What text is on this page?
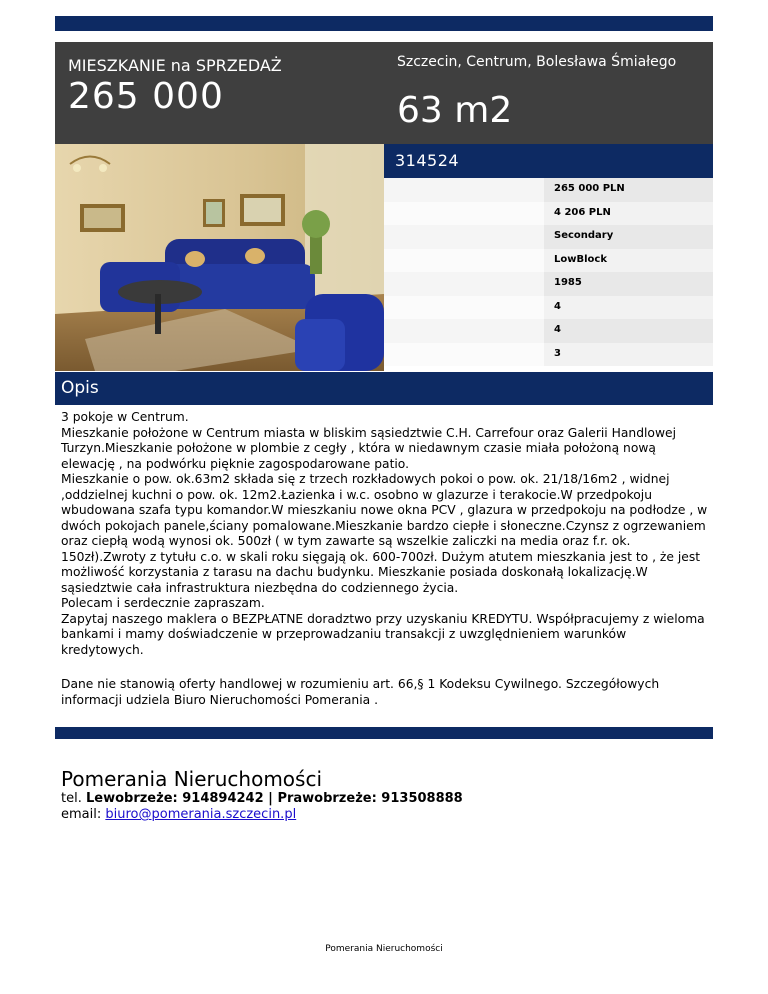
MIESZKANIE na SPRZEDAŻ
265 000
Szczecin, Centrum, Bolesława Śmiałego
63 m2
314524
265 000 PLN
4 206 PLN
Secondary
LowBlock
1985
4
4
3
Opis
3 pokoje w Centrum.
Mieszkanie położone w Centrum miasta w bliskim sąsiedztwie C.H. Carrefour oraz Galerii Handlowej Turzyn.Mieszkanie położone w plombie z cegły , która w niedawnym czasie miała położoną nową elewację , na podwórku pięknie zagospodarowane patio.
Mieszkanie o pow. ok.63m2 składa się z trzech rozkładowych pokoi o pow. ok. 21/18/16m2 , widnej ,oddzielnej kuchni o pow. ok. 12m2.Łazienka i w.c. osobno w glazurze i terakocie.W przedpokoju wbudowana szafa typu komandor.W mieszkaniu nowe okna PCV , glazura w przedpokoju na podłodze , w dwóch pokojach panele,ściany pomalowane.Mieszkanie bardzo ciepłe i słoneczne.Czynsz z ogrzewaniem oraz ciepłą wodą wynosi ok. 500zł ( w tym zawarte są wszelkie zaliczki na media oraz f.r. ok. 150zł).Zwroty z tytułu c.o. w skali roku sięgają ok. 600-700zł. Dużym atutem mieszkania jest to , że jest możliwość korzystania z tarasu na dachu budynku. Mieszkanie posiada doskonałą lokalizację.W sąsiedztwie cała infrastruktura niezbędna do codziennego życia.
Polecam i serdecznie zapraszam.
Zapytaj naszego maklera o BEZPŁATNE doradztwo przy uzyskaniu KREDYTU. Współpracujemy z wieloma bankami i mamy doświadczenie w przeprowadzaniu transakcji z uwzględnieniem warunków kredytowych.
Dane nie stanowią oferty handlowej w rozumieniu art. 66,§ 1 Kodeksu Cywilnego. Szczegółowych informacji udziela Biuro Nieruchomości Pomerania .
Pomerania Nieruchomości
tel. Lewobrzeże: 914894242 | Prawobrzeże: 913508888
email: biuro@pomerania.szczecin.pl
Pomerania Nieruchomości
